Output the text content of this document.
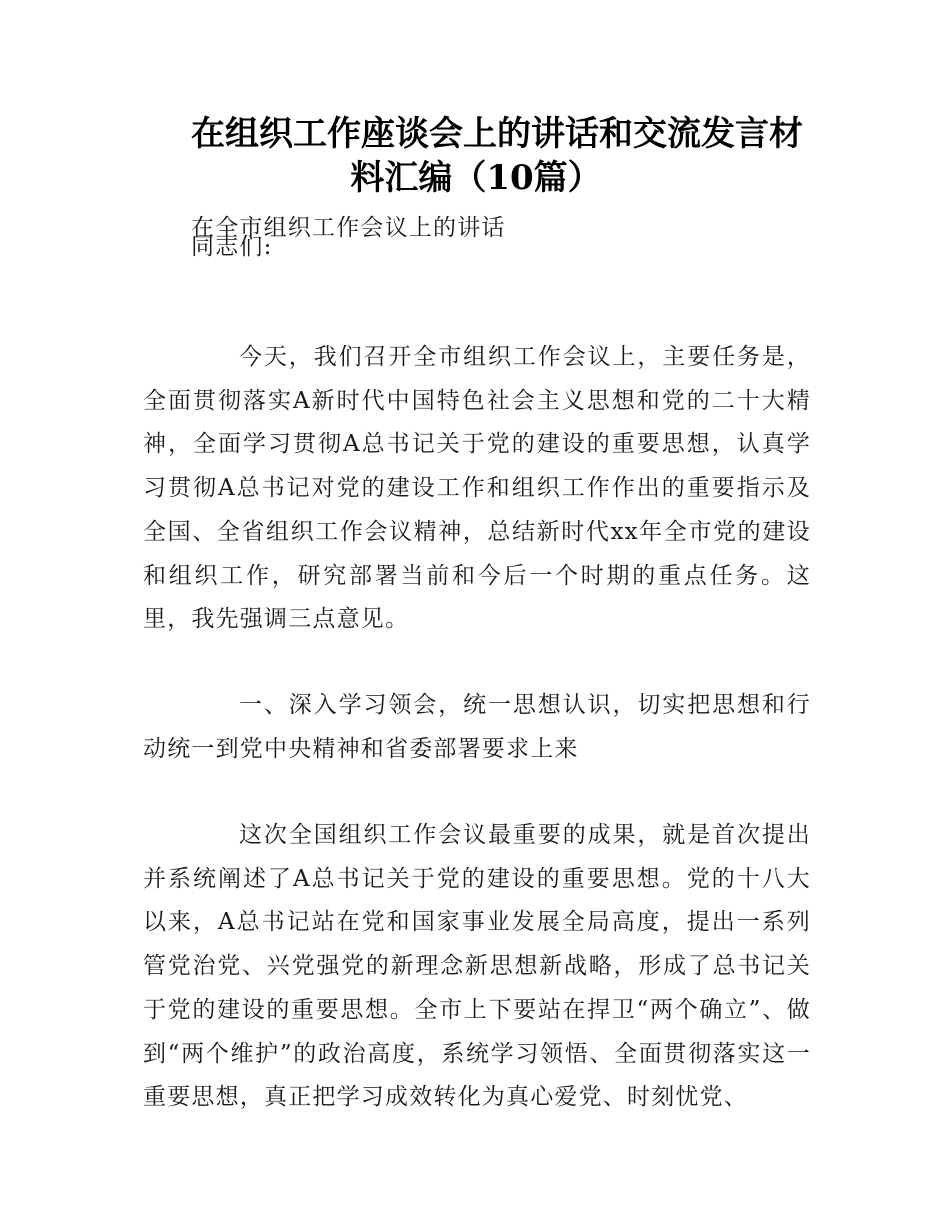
在组织工作座谈会上的讲话和交流发言材
料汇编（10篇）

在全市组织工作会议上的讲话

同志们:

今天，我们召开全市组织工作会议上，主要任务是，全面贯彻落实A新时代中国特色社会主义思想和党的二十大精神，全面学习贯彻A总书记关于党的建设的重要思想，认真学习贯彻A总书记对党的建设工作和组织工作作出的重要指示及全国、全省组织工作会议精神，总结新时代xx年全市党的建设和组织工作，研究部署当前和今后一个时期的重点任务。这里，我先强调三点意见。

一、深入学习领会，统一思想认识，切实把思想和行动统一到党中央精神和省委部署要求上来

这次全国组织工作会议最重要的成果，就是首次提出并系统阐述了A总书记关于党的建设的重要思想。党的十八大以来，A总书记站在党和国家事业发展全局高度，提出一系列管党治党、兴党强党的新理念新思想新战略，形成了总书记关于党的建设的重要思想。全市上下要站在捍卫“两个确立”、做到“两个维护”的政治高度，系统学习领悟、全面贯彻落实这一重要思想，真正把学习成效转化为真心爱党、时刻忧党、
